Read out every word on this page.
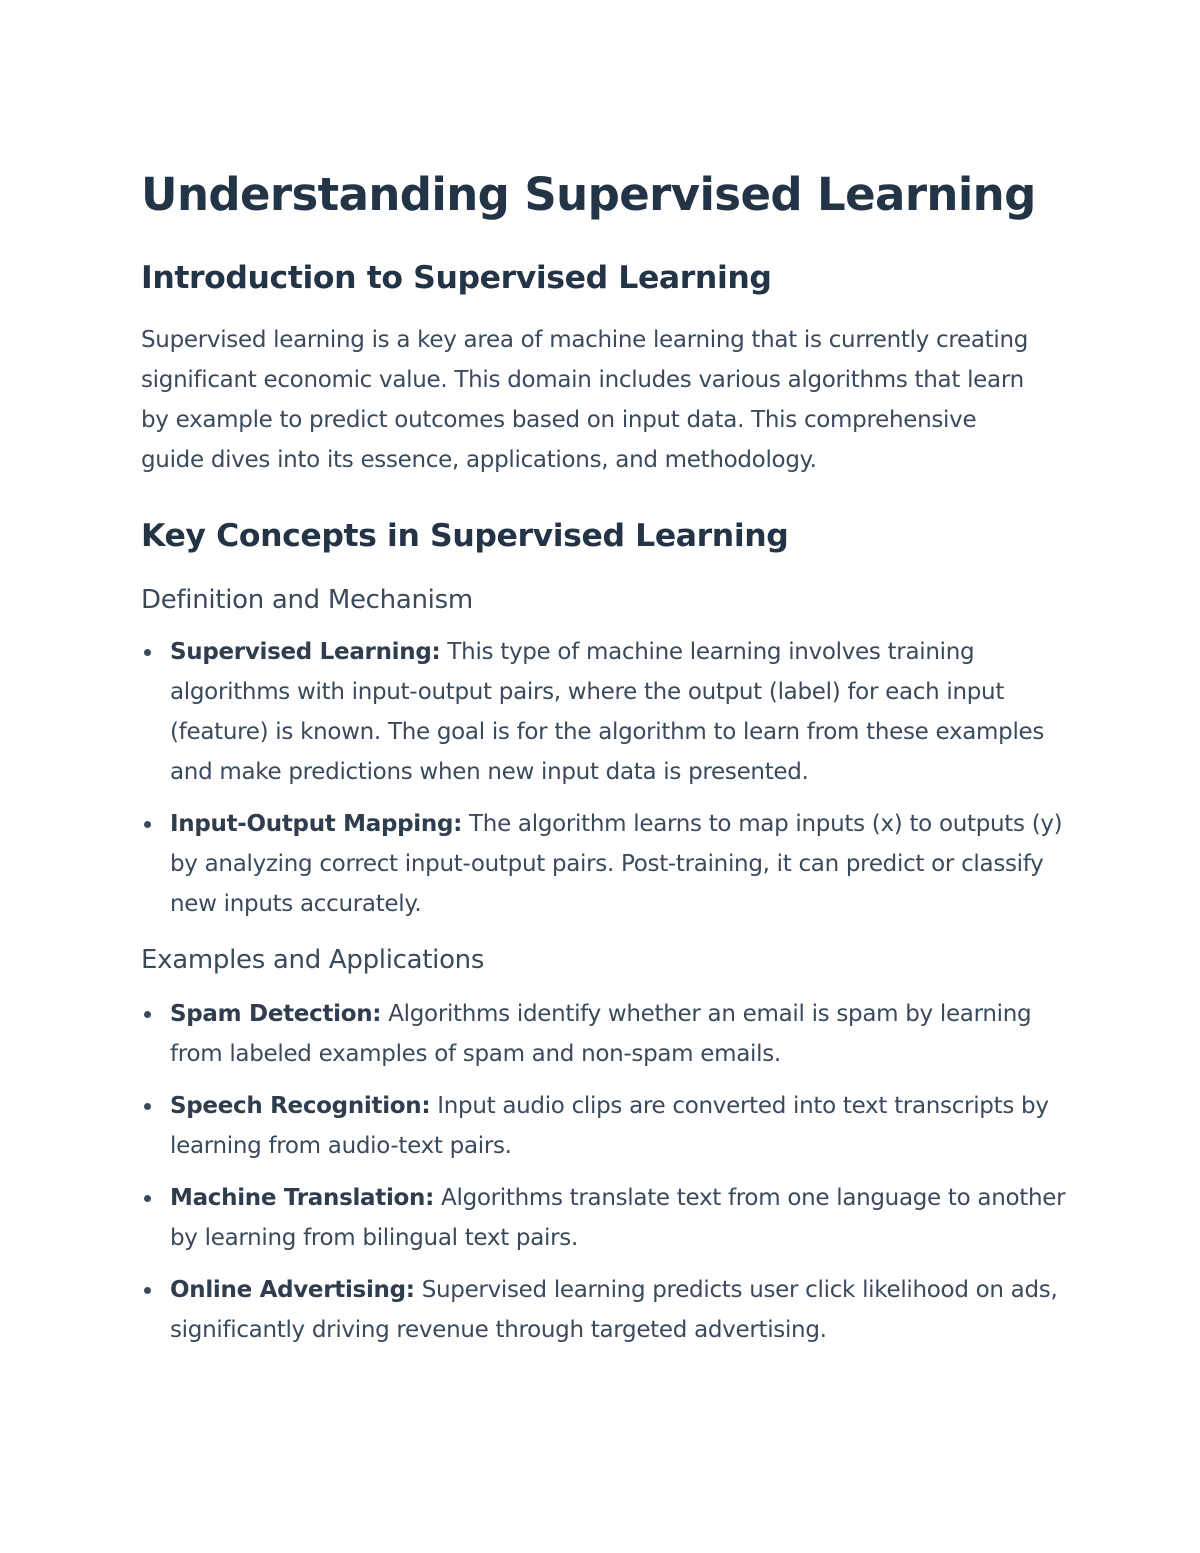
Understanding Supervised Learning
Introduction to Supervised Learning

Supervised learning is a key area of machine learning that is currently creating significant economic value. This domain includes various algorithms that learn by example to predict outcomes based on input data. This comprehensive guide dives into its essence, applications, and methodology.

Key Concepts in Supervised Learning
Definition and Mechanism
Supervised Learning: This type of machine learning involves training algorithms with input-output pairs, where the output (label) for each input (feature) is known. The goal is for the algorithm to learn from these examples and make predictions when new input data is presented.
Input-Output Mapping: The algorithm learns to map inputs (x) to outputs (y) by analyzing correct input-output pairs. Post-training, it can predict or classify new inputs accurately.
Examples and Applications
Spam Detection: Algorithms identify whether an email is spam by learning from labeled examples of spam and non-spam emails.
Speech Recognition: Input audio clips are converted into text transcripts by learning from audio-text pairs.
Machine Translation: Algorithms translate text from one language to another by learning from bilingual text pairs.
Online Advertising: Supervised learning predicts user click likelihood on ads, significantly driving revenue through targeted advertising.
